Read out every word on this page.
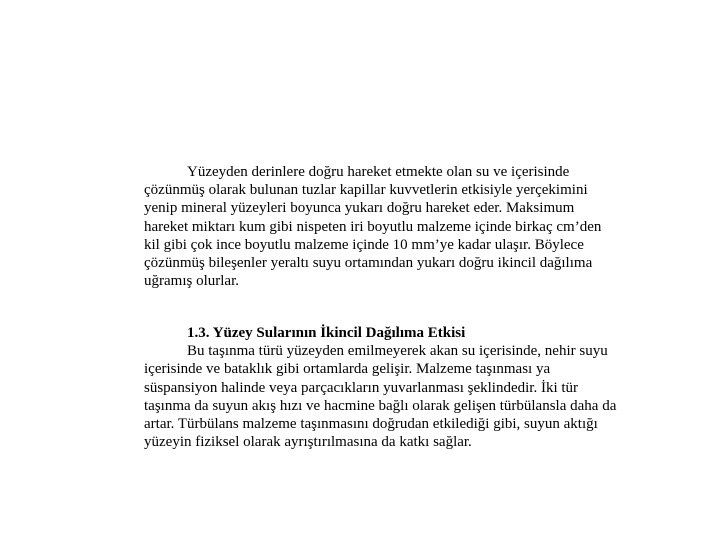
Yüzeyden derinlere doğru hareket etmekte olan su ve içerisinde
çözünmüş olarak bulunan tuzlar kapillar kuvvetlerin etkisiyle yerçekimini
yenip mineral yüzeyleri boyunca yukarı doğru hareket eder. Maksimum
hareket miktarı kum gibi nispeten iri boyutlu malzeme içinde birkaç cm’den
kil gibi çok ince boyutlu malzeme içinde 10 mm’ye kadar ulaşır. Böylece
çözünmüş bileşenler yeraltı suyu ortamından yukarı doğru ikincil dağılıma
uğramış olurlar.

1.3. Yüzey Sularının İkincil Dağılıma Etkisi
Bu taşınma türü yüzeyden emilmeyerek akan su içerisinde, nehir suyu
içerisinde ve bataklık gibi ortamlarda gelişir. Malzeme taşınması ya
süspansiyon halinde veya parçacıkların yuvarlanması şeklindedir. İki tür
taşınma da suyun akış hızı ve hacmine bağlı olarak gelişen türbülansla daha da
artar. Türbülans malzeme taşınmasını doğrudan etkilediği gibi, suyun aktığı
yüzeyin fiziksel olarak ayrıştırılmasına da katkı sağlar.
